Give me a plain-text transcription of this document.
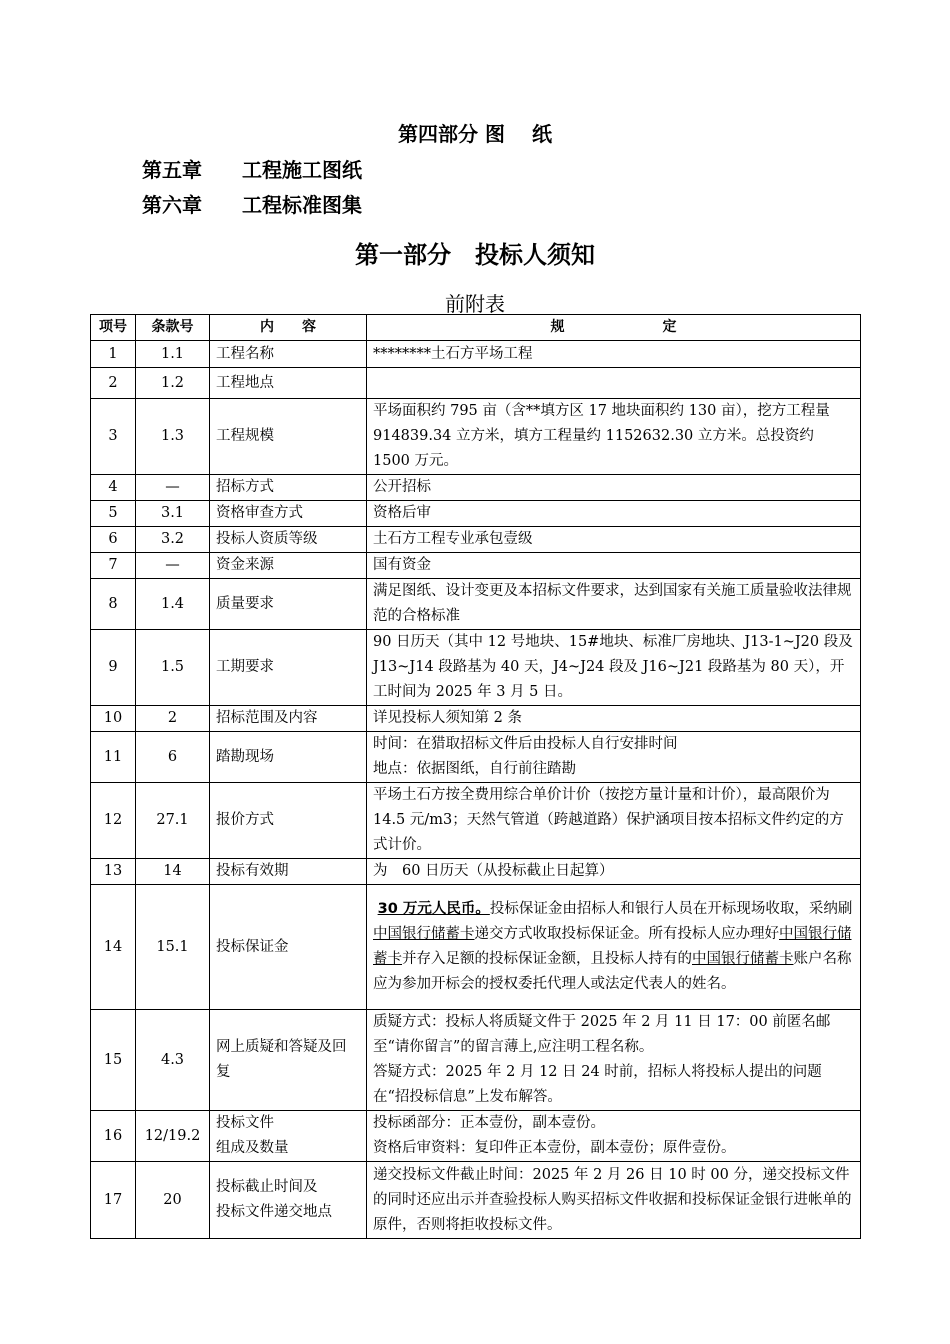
第四部分 图　 纸
第五章 工程施工图纸
第六章 工程标准图集
第一部分　投标人须知
前附表
项号	条款号	内　　容	规　　　　　　　定
1	1.1	工程名称	********土石方平场工程
2	1.2	工程地点	
3	1.3	工程规模	平场面积约 795 亩（含**填方区 17 地块面积约 130 亩），挖方工程量 914839.34 立方米，填方工程量约 1152632.30 立方米。总投资约 1500 万元。
4	—	招标方式	公开招标
5	3.1	资格审查方式	资格后审
6	3.2	投标人资质等级	土石方工程专业承包壹级
7	—	资金来源	国有资金
8	1.4	质量要求	满足图纸、设计变更及本招标文件要求，达到国家有关施工质量验收法律规范的合格标准
9	1.5	工期要求	90 日历天（其中 12 号地块、15#地块、标准厂房地块、J13-1~J20 段及 J13~J14 段路基为 40 天，J4~J24 段及 J16~J21 段路基为 80 天），开工时间为 2025 年 3 月 5 日。
10	2	招标范围及内容	详见投标人须知第 2 条
11	6	踏勘现场	时间：在猎取招标文件后由投标人自行安排时间
地点：依据图纸，自行前往踏勘

12	27.1	报价方式	平场土石方按全费用综合单价计价（按挖方量计量和计价），最高限价为 14.5 元/m3；天然气管道（跨越道路）保护涵项目按本招标文件约定的方式计价。
13	14	投标有效期	为　60 日历天（从投标截止日起算）
14	15.1	投标保证金	30 万元人民币。投标保证金由招标人和银行人员在开标现场收取，采纳刷中国银行储蓄卡递交方式收取投标保证金。所有投标人应办理好中国银行储蓄卡并存入足额的投标保证金额，且投标人持有的中国银行储蓄卡账户名称应为参加开标会的授权委托代理人或法定代表人的姓名。
15	4.3	网上质疑和答疑及回复	质疑方式：投标人将质疑文件于 2025 年 2 月 11 日 17：00 前匿名邮至“请你留言”的留言薄上,应注明工程名称。
答疑方式：2025 年 2 月 12 日 24 时前，招标人将投标人提出的问题在“招投标信息”上发布解答。

16	12/19.2	投标文件
组成及数量	投标函部分：正本壹份，副本壹份。
资格后审资料：复印件正本壹份，副本壹份；原件壹份。

17	20	投标截止时间及
投标文件递交地点	递交投标文件截止时间：2025 年 2 月 26 日 10 时 00 分，递交投标文件的同时还应出示并查验投标人购买招标文件收据和投标保证金银行进帐单的原件，否则将拒收投标文件。
